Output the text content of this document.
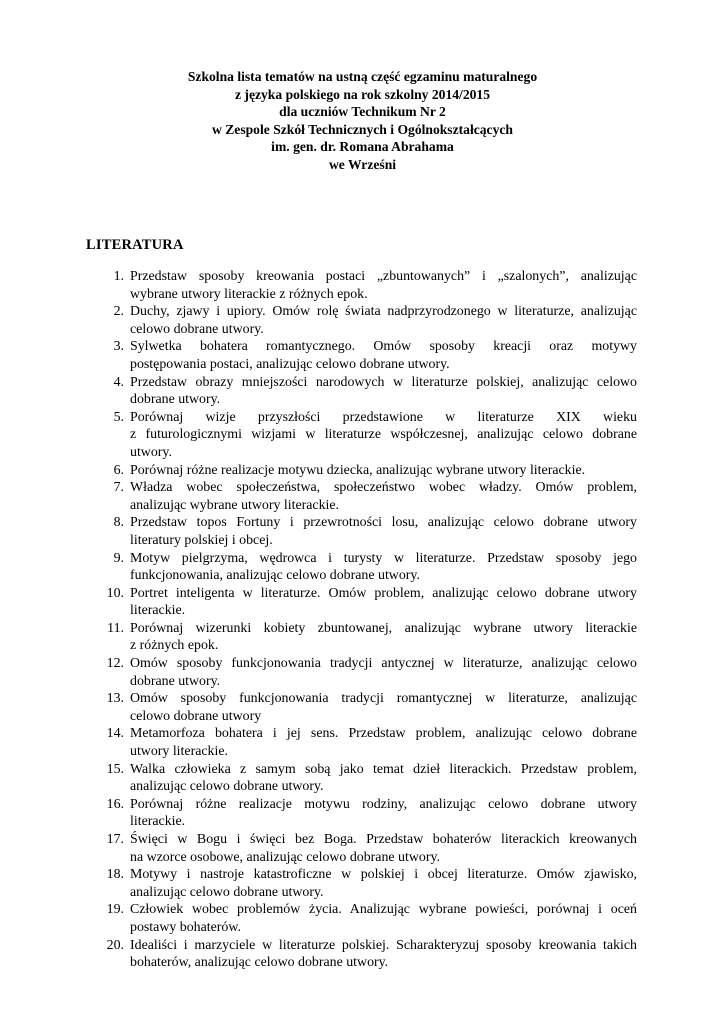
Szkolna lista tematów na ustną część egzaminu maturalnego
z języka polskiego na rok szkolny 2014/2015
dla uczniów Technikum Nr 2
w Zespole Szkół Technicznych i Ogólnokształcących
im. gen. dr. Romana Abrahama
we Wrześni
LITERATURA
1. Przedstaw sposoby kreowania postaci „zbuntowanych” i „szalonych”, analizując
wybrane utwory literackie z różnych epok.
2. Duchy, zjawy i upiory. Omów rolę świata nadprzyrodzonego w literaturze, analizując
celowo dobrane utwory.
3. Sylwetka bohatera romantycznego. Omów sposoby kreacji oraz motywy
postępowania postaci, analizując celowo dobrane utwory.
4. Przedstaw obrazy mniejszości narodowych w literaturze polskiej, analizując celowo
dobrane utwory.
5. Porównaj wizje przyszłości przedstawione w literaturze XIX wieku
z futurologicznymi wizjami w literaturze współczesnej, analizując celowo dobrane
utwory.
6. Porównaj różne realizacje motywu dziecka, analizując wybrane utwory literackie.
7. Władza wobec społeczeństwa, społeczeństwo wobec władzy. Omów problem,
analizując wybrane utwory literackie.
8. Przedstaw topos Fortuny i przewrotności losu, analizując celowo dobrane utwory
literatury polskiej i obcej.
9. Motyw pielgrzyma, wędrowca i turysty w literaturze. Przedstaw sposoby jego
funkcjonowania, analizując celowo dobrane utwory.
10. Portret inteligenta w literaturze. Omów problem, analizując celowo dobrane utwory
literackie.
11. Porównaj wizerunki kobiety zbuntowanej, analizując wybrane utwory literackie
z różnych epok.
12. Omów sposoby funkcjonowania tradycji antycznej w literaturze, analizując celowo
dobrane utwory.
13. Omów sposoby funkcjonowania tradycji romantycznej w literaturze, analizując
celowo dobrane utwory
14. Metamorfoza bohatera i jej sens. Przedstaw problem, analizując celowo dobrane
utwory literackie.
15. Walka człowieka z samym sobą jako temat dzieł literackich. Przedstaw problem,
analizując celowo dobrane utwory.
16. Porównaj różne realizacje motywu rodziny, analizując celowo dobrane utwory
literackie.
17. Święci w Bogu i święci bez Boga. Przedstaw bohaterów literackich kreowanych
na wzorce osobowe, analizując celowo dobrane utwory.
18. Motywy i nastroje katastroficzne w polskiej i obcej literaturze. Omów zjawisko,
analizując celowo dobrane utwory.
19. Człowiek wobec problemów życia. Analizując wybrane powieści, porównaj i oceń
postawy bohaterów.
20. Idealiści i marzyciele w literaturze polskiej. Scharakteryzuj sposoby kreowania takich
bohaterów, analizując celowo dobrane utwory.
